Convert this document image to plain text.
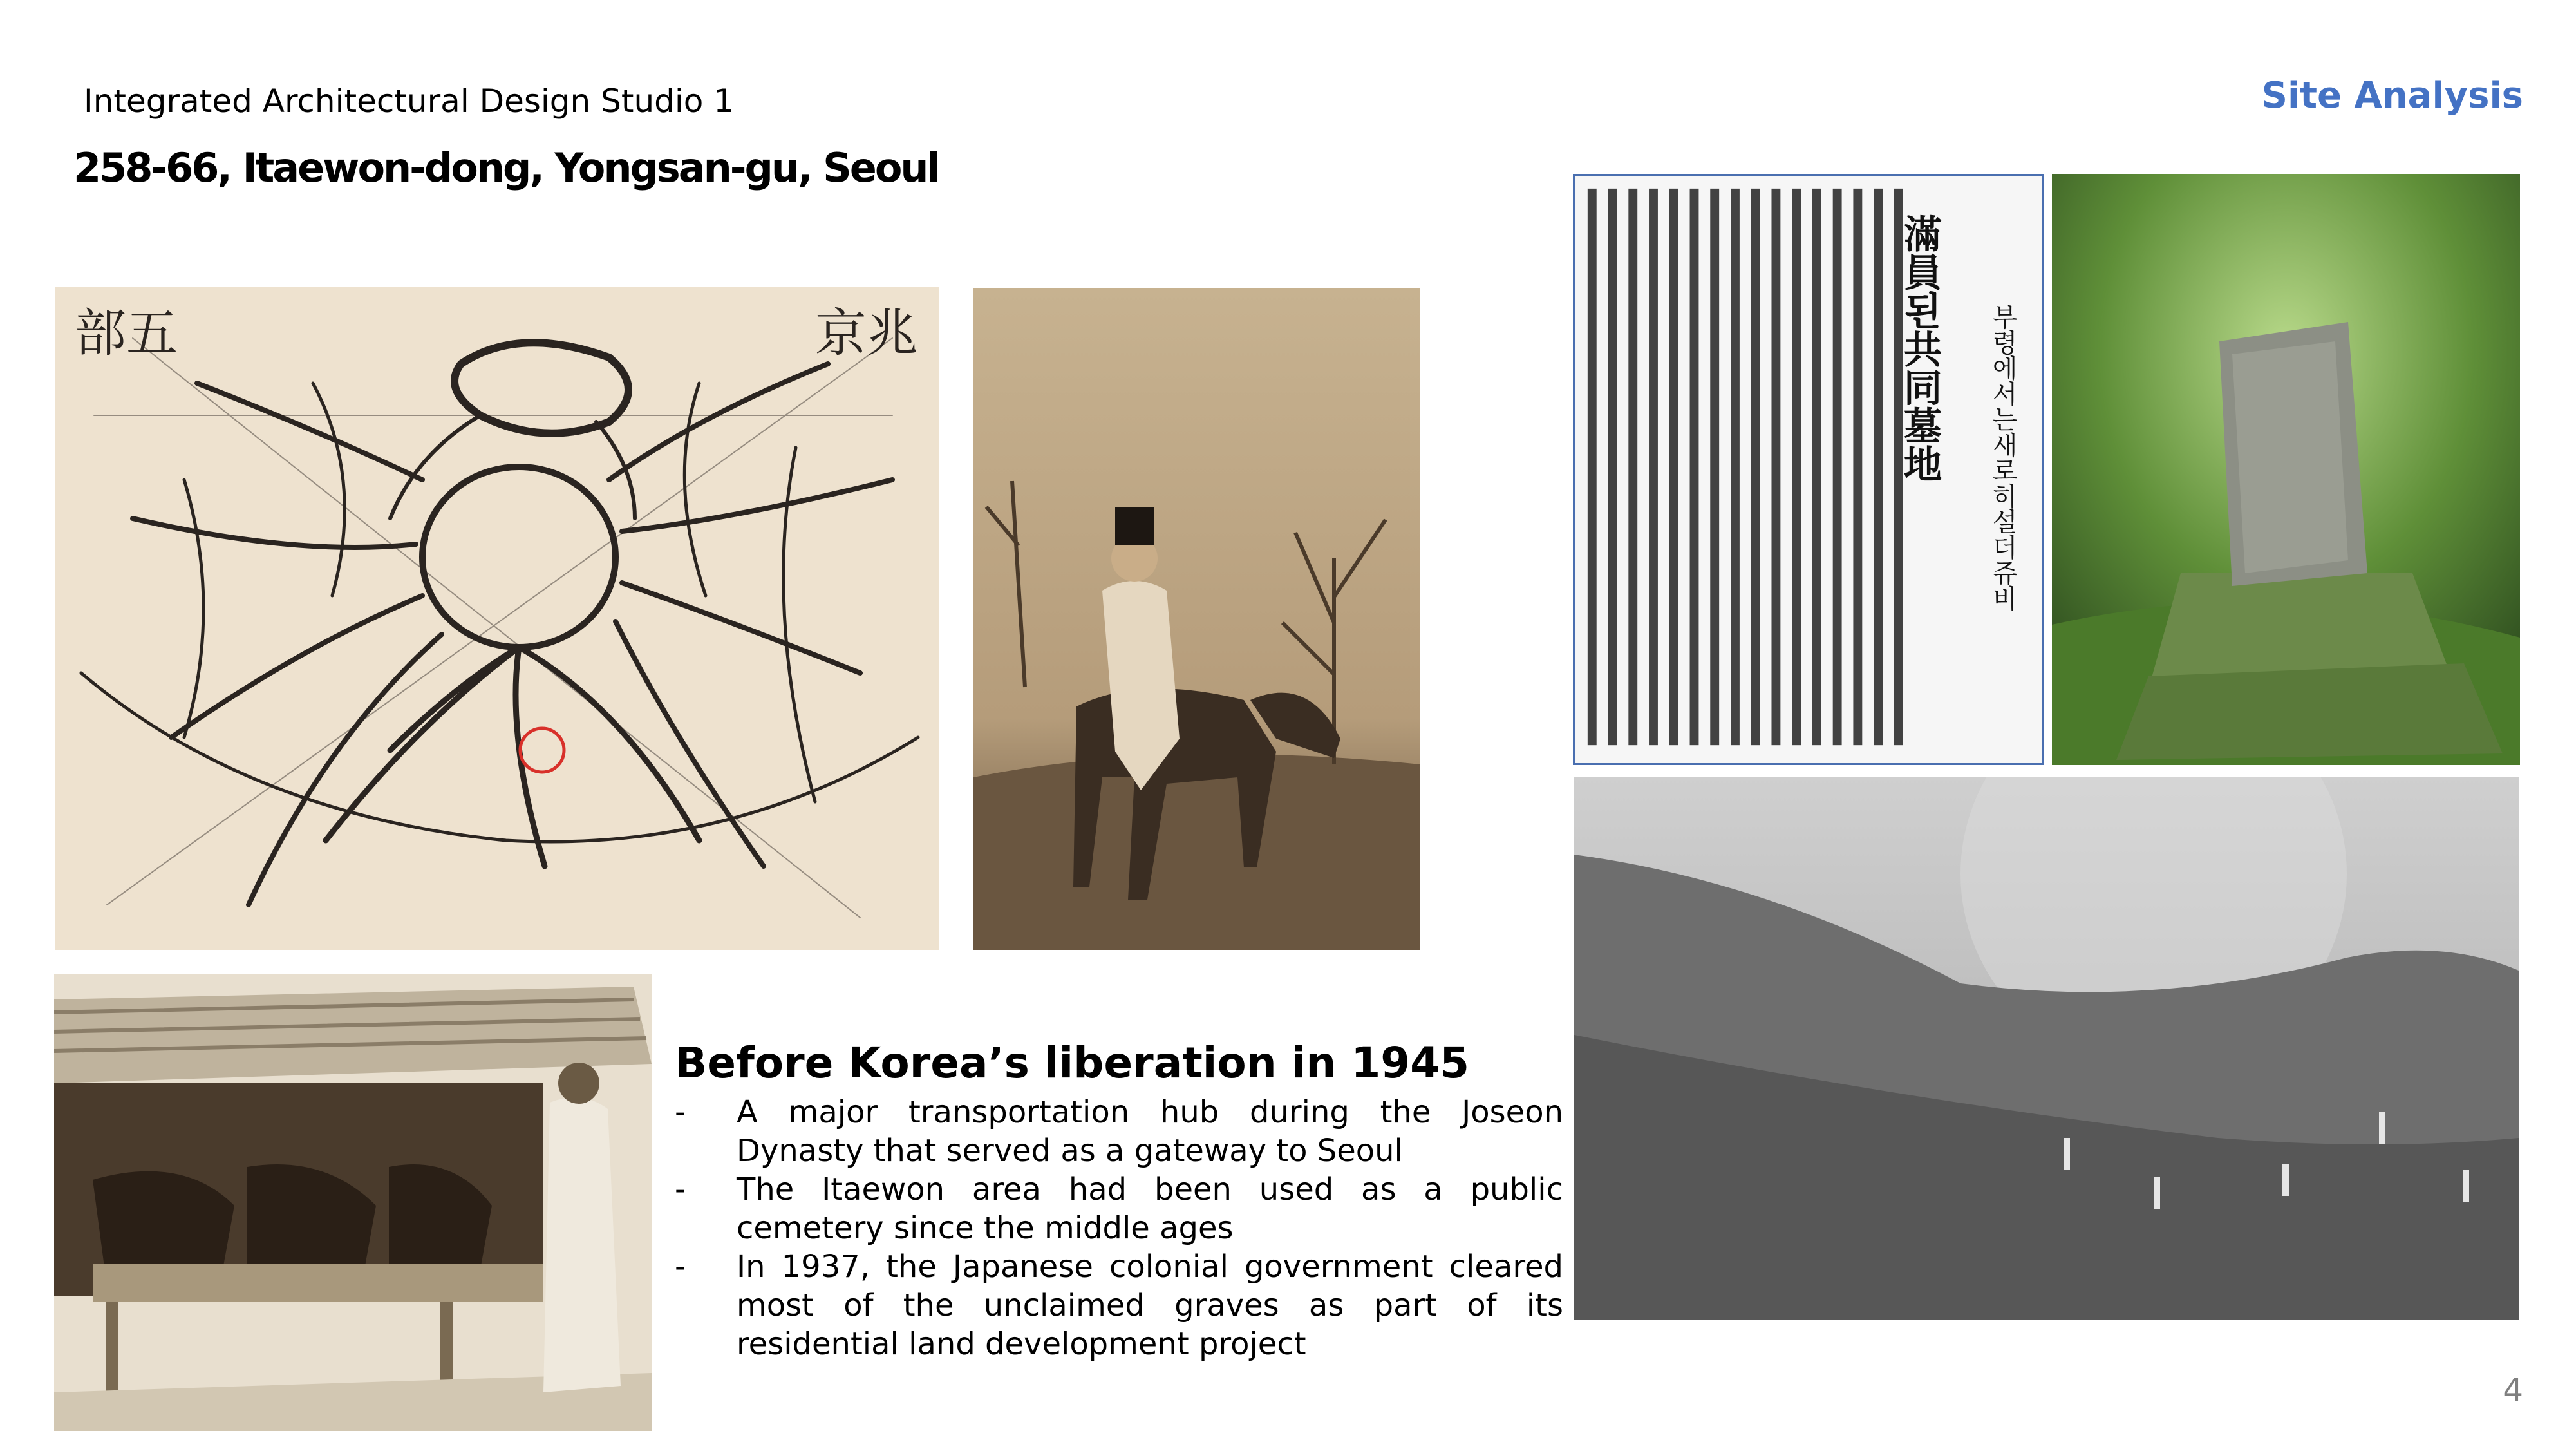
Integrated Architectural Design Studio 1
258-66, Itaewon-dong, Yongsan-gu, Seoul
Site Analysis
部五	京兆	滿員된共同墓地 부령에서는새로히설더쥬비
Before Korea’s liberation in 1945
- A major transportation hub during the Joseon Dynasty that served as a gateway to Seoul
- The Itaewon area had been used as a public cemetery since the middle ages
- In 1937, the Japanese colonial government cleared most of the unclaimed graves as part of its residential land development project
4
